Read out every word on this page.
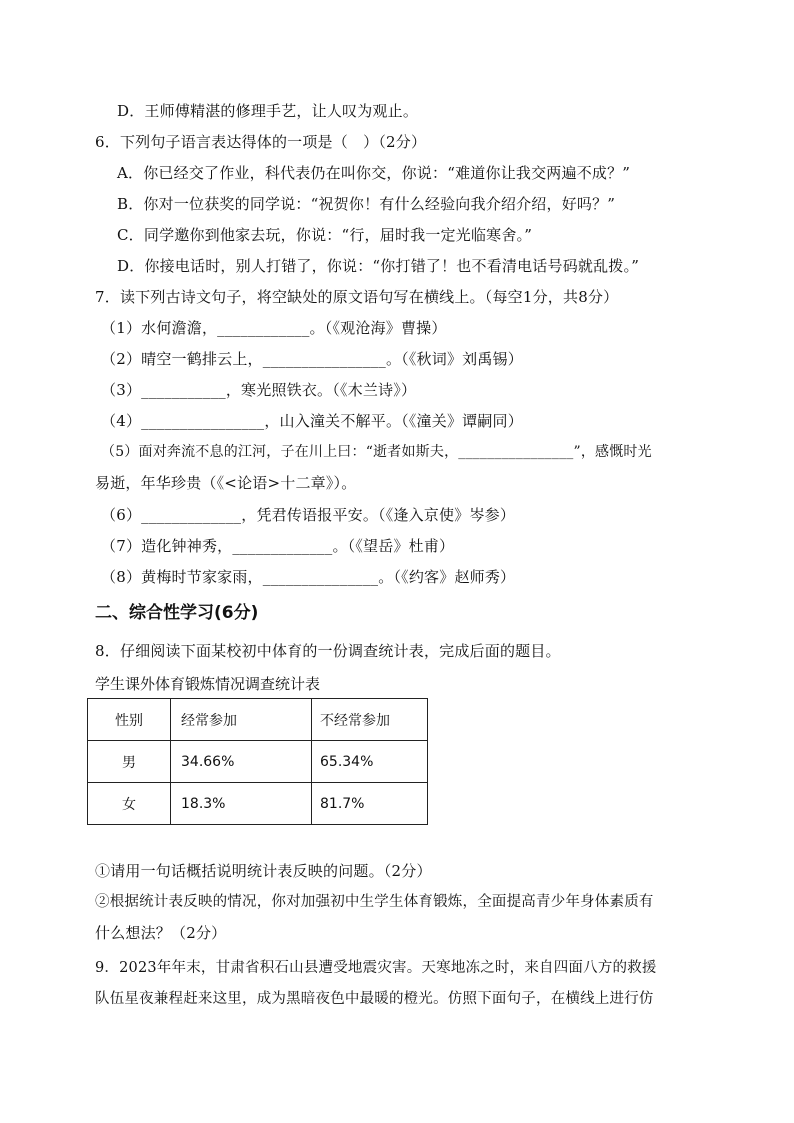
D．王师傅精湛的修理手艺，让人叹为观止。
6．下列句子语言表达得体的一项是（　）（2分）
A．你已经交了作业，科代表仍在叫你交，你说：“难道你让我交两遍不成？”
B．你对一位获奖的同学说：“祝贺你！有什么经验向我介绍介绍，好吗？”
C．同学邀你到他家去玩，你说：“行，届时我一定光临寒舍。”
D．你接电话时，别人打错了，你说：“你打错了！也不看清电话号码就乱拨。”
7．读下列古诗文句子，将空缺处的原文语句写在横线上。（每空1分，共8分）
（1）水何澹澹，____________。（《观沧海》曹操）
（2）晴空一鹤排云上，________________。（《秋词》刘禹锡）
（3）___________，寒光照铁衣。（《木兰诗》）
（4）________________，山入潼关不解平。（《潼关》谭嗣同）
（5）面对奔流不息的江河，子在川上曰：“逝者如斯夫，________________”，感慨时光
易逝，年华珍贵（《<论语>十二章》）。
（6）_____________，凭君传语报平安。（《逢入京使》岑参）
（7）造化钟神秀，_____________。（《望岳》杜甫）
（8）黄梅时节家家雨，_______________。（《约客》赵师秀）
二、综合性学习(6分)
8．仔细阅读下面某校初中体育的一份调查统计表，完成后面的题目。
学生课外体育锻炼情况调查统计表
性别	经常参加	不经常参加
男	34.66%	65.34%
女	18.3%	81.7%
①请用一句话概括说明统计表反映的问题。（2分）
②根据统计表反映的情况，你对加强初中生学生体育锻炼，全面提高青少年身体素质有
什么想法？（2分）
9．2023年年末，甘肃省积石山县遭受地震灾害。天寒地冻之时，来自四面八方的救援
队伍星夜兼程赶来这里，成为黑暗夜色中最暖的橙光。仿照下面句子，在横线上进行仿
